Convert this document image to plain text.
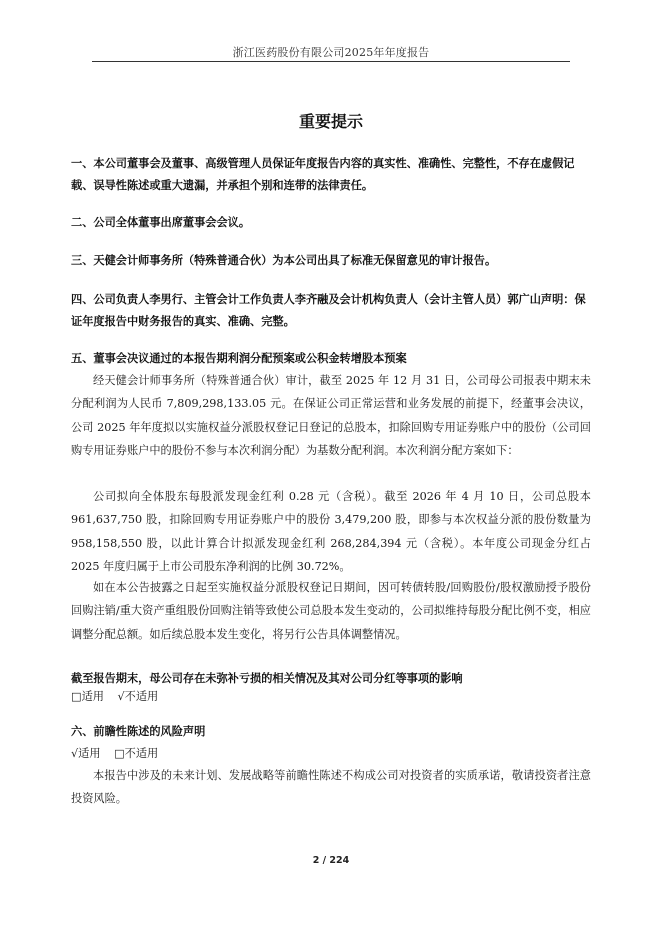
浙江医药股份有限公司2025年年度报告
重要提示
一、本公司董事会及董事、高级管理人员保证年度报告内容的真实性、准确性、完整性，不存在虚假记载、误导性陈述或重大遗漏，并承担个别和连带的法律责任。
二、公司全体董事出席董事会会议。
三、天健会计师事务所（特殊普通合伙）为本公司出具了标准无保留意见的审计报告。
四、公司负责人李男行、主管会计工作负责人李齐融及会计机构负责人（会计主管人员）郭广山声明：保证年度报告中财务报告的真实、准确、完整。
五、董事会决议通过的本报告期利润分配预案或公积金转增股本预案
经天健会计师事务所（特殊普通合伙）审计，截至 2025 年 12 月 31 日，公司母公司报表中期末未分配利润为人民币 7,809,298,133.05 元。在保证公司正常运营和业务发展的前提下，经董事会决议，公司 2025 年年度拟以实施权益分派股权登记日登记的总股本，扣除回购专用证券账户中的股份（公司回购专用证券账户中的股份不参与本次利润分配）为基数分配利润。本次利润分配方案如下：
公司拟向全体股东每股派发现金红利 0.28 元（含税）。截至 2026 年 4 月 10 日，公司总股本 961,637,750 股，扣除回购专用证券账户中的股份 3,479,200 股，即参与本次权益分派的股份数量为 958,158,550 股，以此计算合计拟派发现金红利 268,284,394 元（含税）。本年度公司现金分红占 2025 年度归属于上市公司股东净利润的比例 30.72%。
如在本公告披露之日起至实施权益分派股权登记日期间，因可转债转股/回购股份/股权激励授予股份回购注销/重大资产重组股份回购注销等致使公司总股本发生变动的，公司拟维持每股分配比例不变，相应调整分配总额。如后续总股本发生变化，将另行公告具体调整情况。
截至报告期末，母公司存在未弥补亏损的相关情况及其对公司分红等事项的影响
□适用 √不适用
六、前瞻性陈述的风险声明
√适用 □不适用
本报告中涉及的未来计划、发展战略等前瞻性陈述不构成公司对投资者的实质承诺，敬请投资者注意投资风险。
2 / 224
